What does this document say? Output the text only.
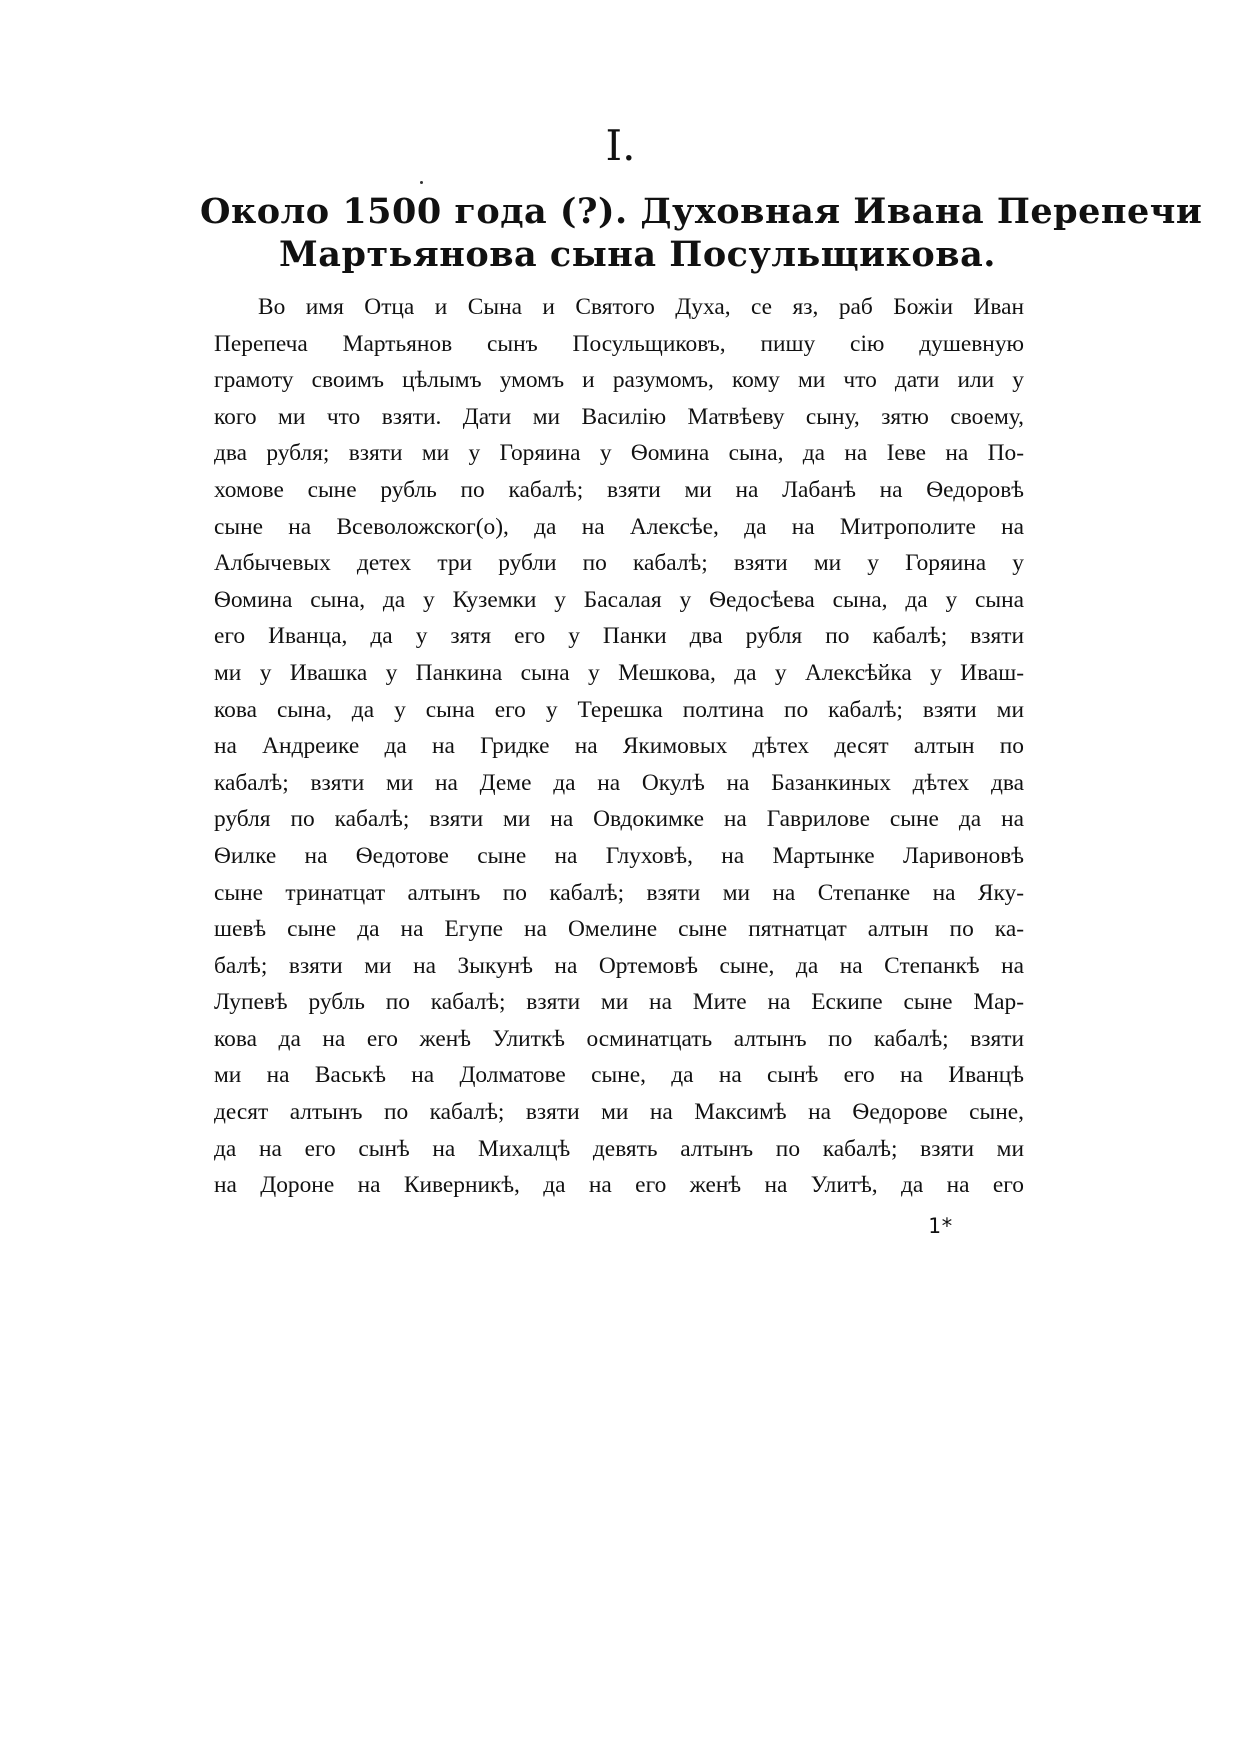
I.
Около 1500 года (?). Духовная Ивана Перепечи
Мартьянова сына Посульщикова.
Во имя Отца и Сына и Святого Духа, се яз, раб Божіи Иван
Перепеча Мартьянов сынъ Посульщиковъ, пишу сію душевную
грамоту своимъ цѣлымъ умомъ и разумомъ, кому ми что дати или у
кого ми что взяти. Дати ми Василію Матвѣеву сыну, зятю своему,
два рубля; взяти ми у Горяина у Ѳомина сына, да на Іеве на По-
хомове сыне рубль по кабалѣ; взяти ми на Лабанѣ на Ѳедоровѣ
сыне на Всеволожског(о), да на Алексѣе, да на Митрополите на
Албычевых детех три рубли по кабалѣ; взяти ми у Горяина у
Ѳомина сына, да у Куземки у Басалая у Ѳедосѣева сына, да у сына
его Иванца, да у зятя его у Панки два рубля по кабалѣ; взяти
ми у Ивашка у Панкина сына у Мешкова, да у Алексѣйка у Иваш-
кова сына, да у сына его у Терешка полтина по кабалѣ; взяти ми
на Андреике да на Гридке на Якимовых дѣтех десят алтын по
кабалѣ; взяти ми на Деме да на Окулѣ на Базанкиных дѣтех два
рубля по кабалѣ; взяти ми на Овдокимке на Гаврилове сыне да на
Ѳилке на Ѳедотове сыне на Глуховѣ, на Мартынке Ларивоновѣ
сыне тринатцат алтынъ по кабалѣ; взяти ми на Степанке на Яку-
шевѣ сыне да на Егупе на Омелине сыне пятнатцат алтын по ка-
балѣ; взяти ми на Зыкунѣ на Ортемовѣ сыне, да на Степанкѣ на
Лупевѣ рубль по кабалѣ; взяти ми на Мите на Ескипе сыне Мар-
кова да на его женѣ Улиткѣ осминатцать алтынъ по кабалѣ; взяти
ми на Васькѣ на Долматове сыне, да на сынѣ его на Иванцѣ
десят алтынъ по кабалѣ; взяти ми на Максимѣ на Ѳедорове сыне,
да на его сынѣ на Михалцѣ девять алтынъ по кабалѣ; взяти ми
на Дороне на Киверникѣ, да на его женѣ на Улитѣ, да на его
1*
